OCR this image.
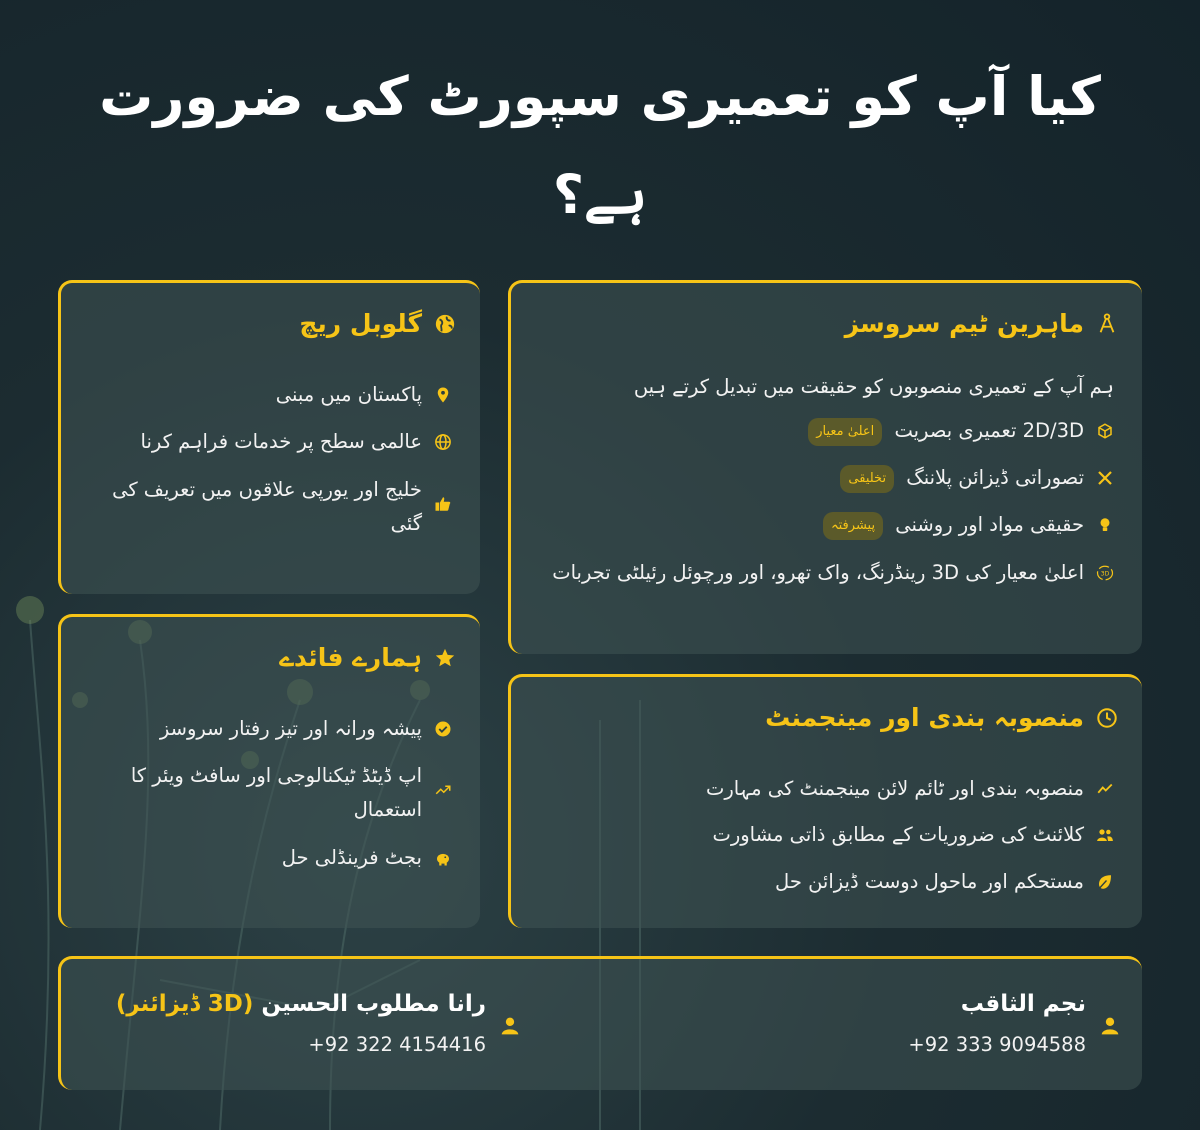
کیا آپ کو تعمیری سپورٹ کی ضرورت ہے؟
ماہرین ٹیم سروسز
ہم آپ کے تعمیری منصوبوں کو حقیقت میں تبدیل کرتے ہیں
2D/3D تعمیری بصریت اعلیٰ معیار
تصوراتی ڈیزائن پلاننگ تخلیقی
حقیقی مواد اور روشنی پیشرفتہ
3D
اعلیٰ معیار کی 3D رینڈرنگ، واک تھرو، اور ورچوئل رئیلٹی تجربات
گلوبل ریچ
پاکستان میں مبنی
عالمی سطح پر خدمات فراہم کرنا
خلیج اور یورپی علاقوں میں تعریف کی گئی
ہمارے فائدے
پیشہ ورانہ اور تیز رفتار سروسز
اپ ڈیٹڈ ٹیکنالوجی اور سافٹ ویئر کا استعمال
بجٹ فرینڈلی حل
منصوبہ بندی اور مینجمنٹ
منصوبہ بندی اور ٹائم لائن مینجمنٹ کی مہارت
کلائنٹ کی ضروریات کے مطابق ذاتی مشاورت
مستحکم اور ماحول دوست ڈیزائن حل
نجم الثاقب
+92 333 9094588
رانا مطلوب الحسین (3D ڈیزائنر)
+92 322 4154416
